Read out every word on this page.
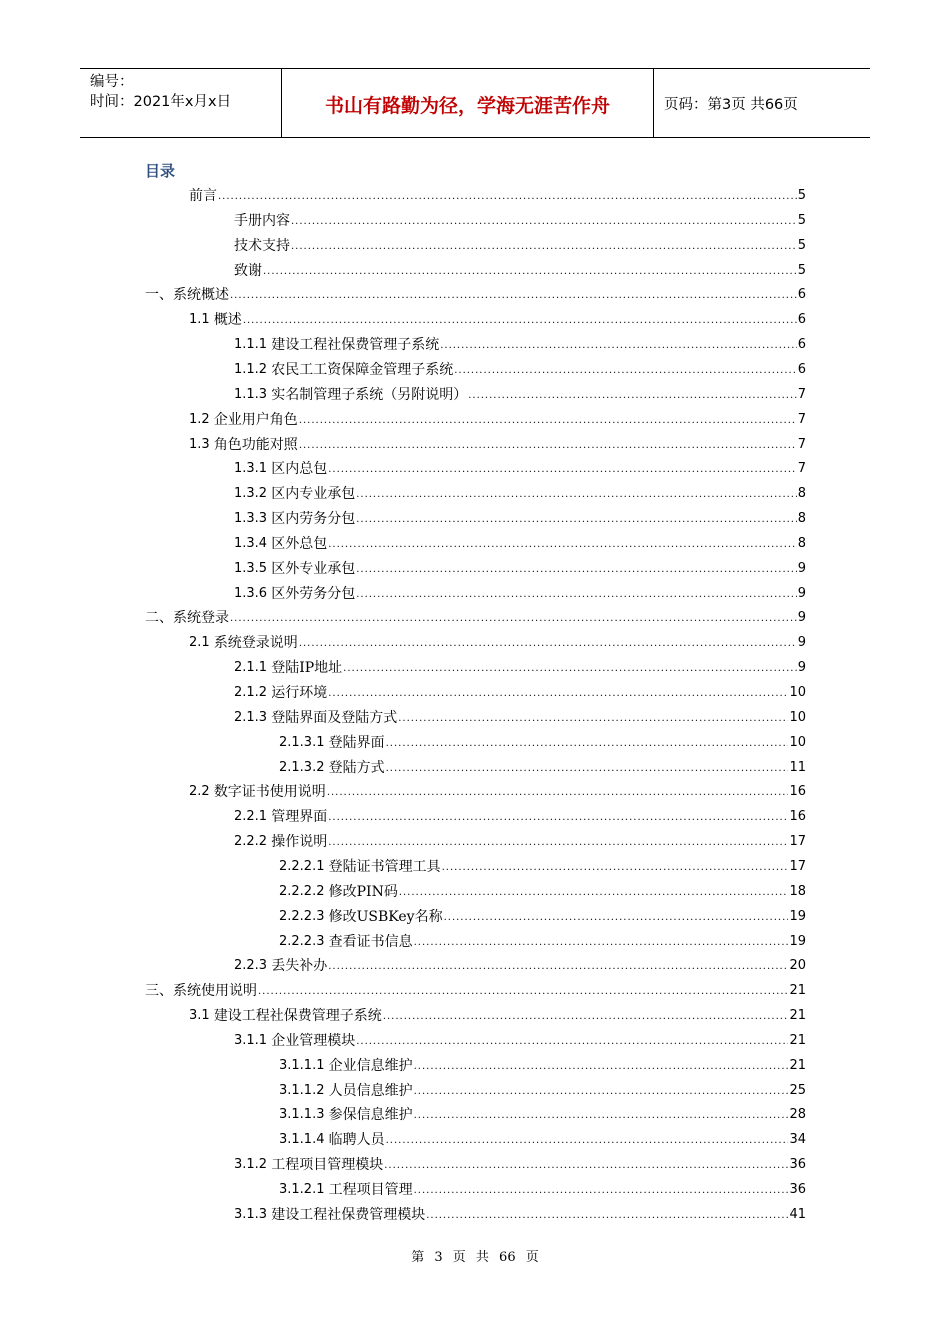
编号：
时间：2021年x月x日	书山有路勤为径，学海无涯苦作舟	页码：第3页 共66页
目录
前言 .....	5
手册内容 .....	5
技术支持 .....	5
致谢 .....	5
一、系统概述 .....	6
1.1 概述 .....	6
1.1.1 建设工程社保费管理子系统 .....	6
1.1.2 农民工工资保障金管理子系统 .....	6
1.1.3 实名制管理子系统（另附说明） .....	7
1.2 企业用户角色 .....	7
1.3 角色功能对照 .....	7
1.3.1 区内总包 .....	7
1.3.2 区内专业承包 .....	8
1.3.3 区内劳务分包 .....	8
1.3.4 区外总包 .....	8
1.3.5 区外专业承包 .....	9
1.3.6 区外劳务分包 .....	9
二、系统登录 .....	9
2.1 系统登录说明 .....	9
2.1.1 登陆IP地址 .....	9
2.1.2 运行环境 .....	10
2.1.3 登陆界面及登陆方式 .....	10
2.1.3.1 登陆界面 .....	10
2.1.3.2 登陆方式 .....	11
2.2 数字证书使用说明 .....	16
2.2.1 管理界面 .....	16
2.2.2 操作说明 .....	17
2.2.2.1 登陆证书管理工具 .....	17
2.2.2.2 修改PIN码 .....	18
2.2.2.3 修改USBKey名称 .....	19
2.2.2.3 查看证书信息 .....	19
2.2.3 丢失补办 .....	20
三、系统使用说明 .....	21
3.1 建设工程社保费管理子系统 .....	21
3.1.1 企业管理模块 .....	21
3.1.1.1 企业信息维护 .....	21
3.1.1.2 人员信息维护 .....	25
3.1.1.3 参保信息维护 .....	28
3.1.1.4 临聘人员 .....	34
3.1.2 工程项目管理模块 .....	36
3.1.2.1 工程项目管理 .....	36
3.1.3 建设工程社保费管理模块 .....	41
第 3 页 共 66 页
